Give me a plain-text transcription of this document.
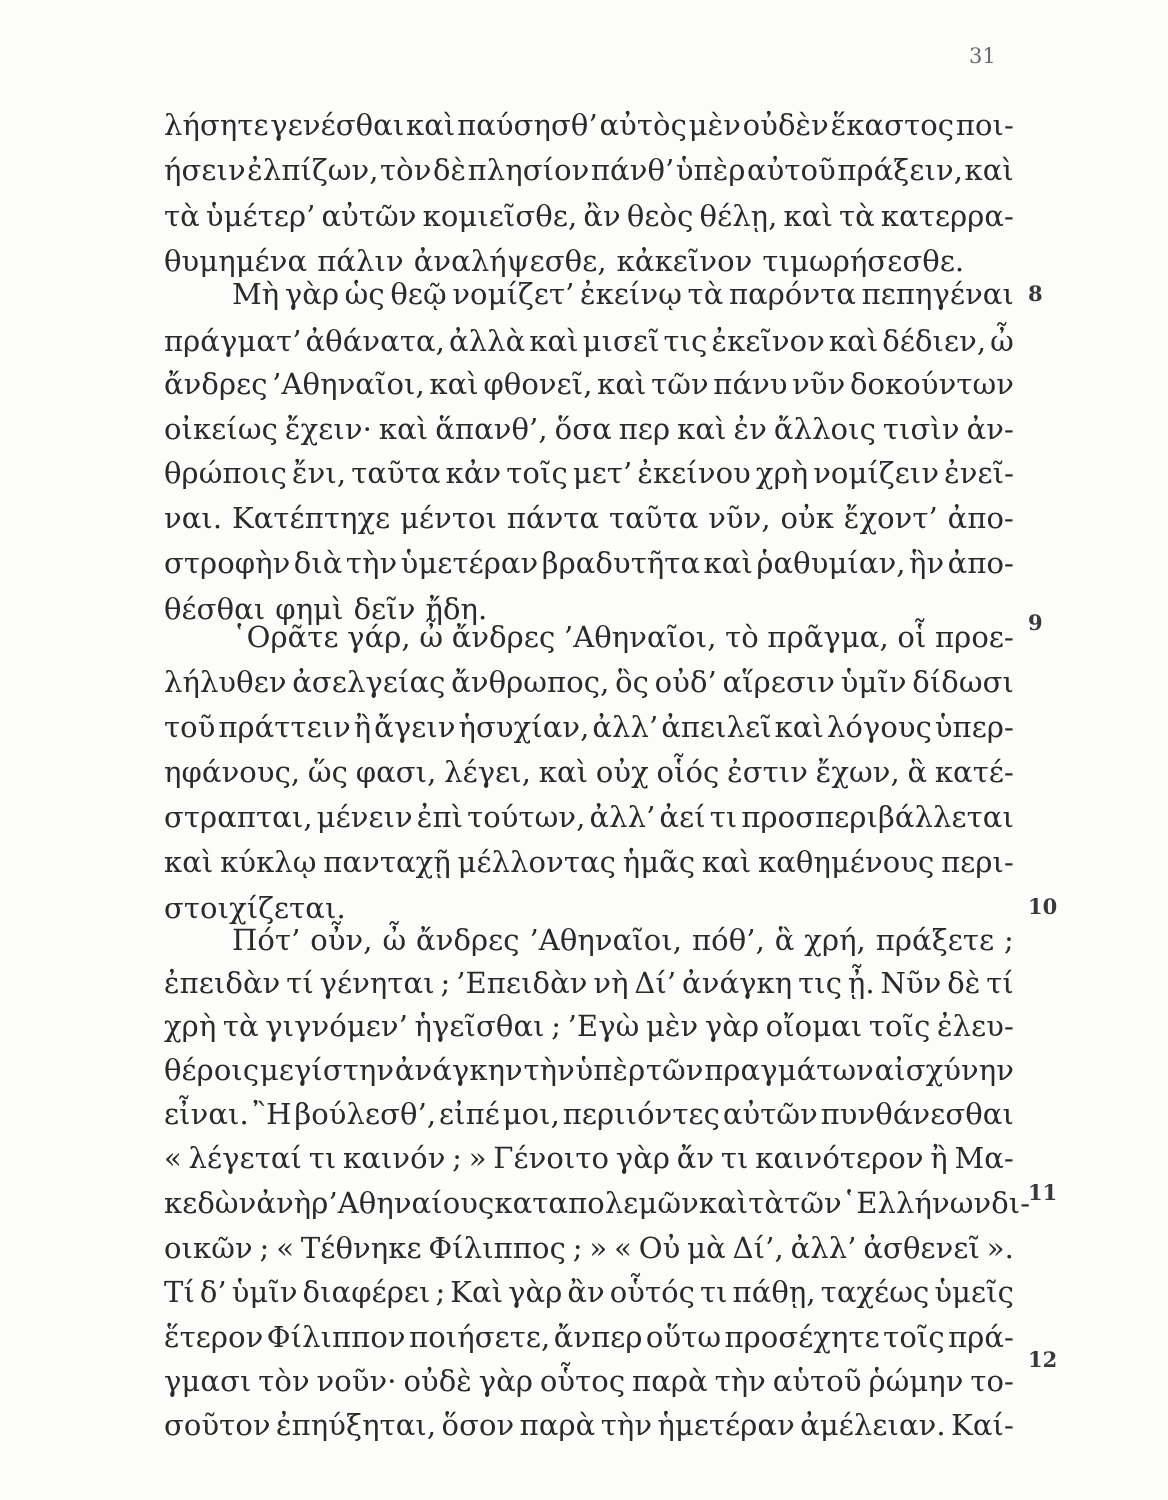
31
λήσητε γενέσθαι καὶ παύσησθ’ αὐτὸς μὲν οὐδὲν ἕκαστος ποι-
ήσειν ἐλπίζων, τὸν δὲ πλησίον πάνθ’ ὑπὲρ αὐτοῦ πράξειν, καὶ
τὰ ὑμέτερ’ αὐτῶν κομιεῖσθε, ἂν θεὸς θέλῃ, καὶ τὰ κατερρα-
θυμημένα πάλιν ἀναλήψεσθε, κἀκεῖνον τιμωρήσεσθε.
Μὴ γὰρ ὡς θεῷ νομίζετ’ ἐκείνῳ τὰ παρόντα πεπηγέναι
πράγματ’ ἀθάνατα, ἀλλὰ καὶ μισεῖ τις ἐκεῖνον καὶ δέδιεν, ὦ
ἄνδρες ’Αθηναῖοι, καὶ φθονεῖ, καὶ τῶν πάνυ νῦν δοκούντων
οἰκείως ἔχειν· καὶ ἅπανθ’, ὅσα περ καὶ ἐν ἄλλοις τισὶν ἀν-
θρώποις ἔνι, ταῦτα κἀν τοῖς μετ’ ἐκείνου χρὴ νομίζειν ἐνεῖ-
ναι. Κατέπτηχε μέντοι πάντα ταῦτα νῦν, οὐκ ἔχοντ’ ἀπο-
στροφὴν διὰ τὴν ὑμετέραν βραδυτῆτα καὶ ῥαθυμίαν, ἣν ἀπο-
θέσθαι φημὶ δεῖν ἤδη.
῾Ορᾶτε γάρ, ὦ ἄνδρες ’Αθηναῖοι, τὸ πρᾶγμα, οἷ προε-
λήλυθεν ἀσελγείας ἄνθρωπος, ὃς οὐδ’ αἵρεσιν ὑμῖν δίδωσι
τοῦ πράττειν ἢ ἄγειν ἡσυχίαν, ἀλλ’ ἀπειλεῖ καὶ λόγους ὑπερ-
ηφάνους, ὥς φασι, λέγει, καὶ οὐχ οἷός ἐστιν ἔχων, ἃ κατέ-
στραπται, μένειν ἐπὶ τούτων, ἀλλ’ ἀεί τι προσπεριβάλλεται
καὶ κύκλῳ πανταχῇ μέλλοντας ἡμᾶς καὶ καθημένους περι-
στοιχίζεται.
Πότ’ οὖν, ὦ ἄνδρες ’Αθηναῖοι, πόθ’, ἃ χρή, πράξετε ;
ἐπειδὰν τί γένηται ; ’Επειδὰν νὴ Δί’ ἀνάγκη τις ᾖ. Νῦν δὲ τί
χρὴ τὰ γιγνόμεν’ ἡγεῖσθαι ; ’Εγὼ μὲν γὰρ οἴομαι τοῖς ἐλευ-
θέροις μεγίστην ἀνάγκην τὴν ὑπὲρ τῶν πραγμάτων αἰσχύνην
εἶναι. ῍Η βούλεσθ’, εἰπέ μοι, περιιόντες αὐτῶν πυνθάνεσθαι
« λέγεταί τι καινόν ; » Γένοιτο γὰρ ἄν τι καινότερον ἢ Μα-
κεδὼν ἀνὴρ ’Αθηναίους καταπολεμῶν καὶ τὰ τῶν ῾Ελλήνων δι-
οικῶν ; « Τέθνηκε Φίλιππος ; » « Οὐ μὰ Δί’, ἀλλ’ ἀσθενεῖ ».
Τί δ’ ὑμῖν διαφέρει ; Καὶ γὰρ ἂν οὗτός τι πάθῃ, ταχέως ὑμεῖς
ἕτερον Φίλιππον ποιήσετε, ἄνπερ οὕτω προσέχητε τοῖς πρά-
γμασι τὸν νοῦν· οὐδὲ γὰρ οὗτος παρὰ τὴν αὑτοῦ ῥώμην το-
σοῦτον ἐπηύξηται, ὅσον παρὰ τὴν ἡμετέραν ἀμέλειαν. Καί-
8
9
10
11
12
